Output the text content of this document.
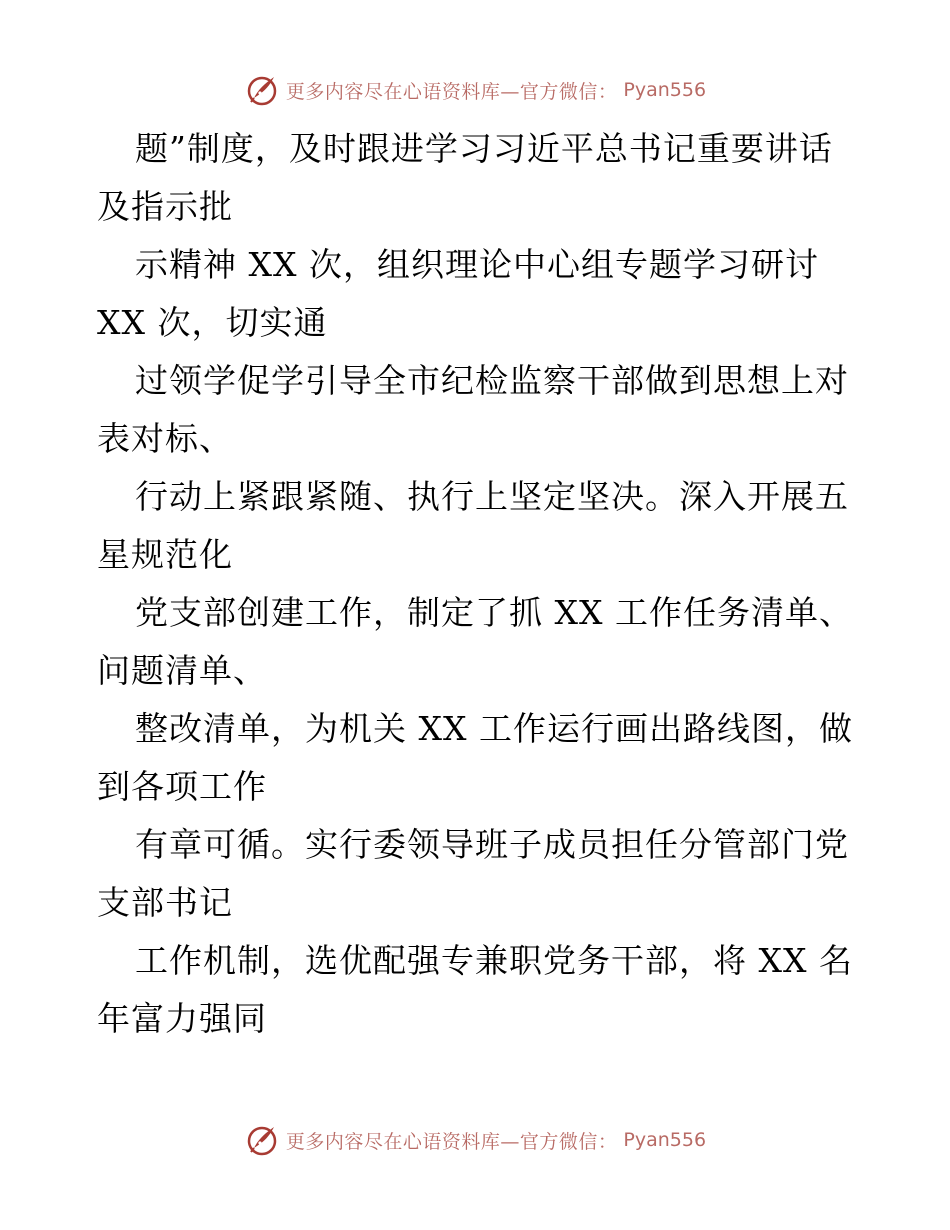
更多内容尽在心语资料库—官方微信： Pyan556
题”制度，及时跟进学习习近平总书记重要讲话
及指示批
示精神 XX 次，组织理论中心组专题学习研讨
XX 次，切实通
过领学促学引导全市纪检监察干部做到思想上对
表对标、
行动上紧跟紧随、执行上坚定坚决。深入开展五
星规范化
党支部创建工作，制定了抓 XX 工作任务清单、
问题清单、
整改清单，为机关 XX 工作运行画出路线图，做
到各项工作
有章可循。实行委领导班子成员担任分管部门党
支部书记
工作机制，选优配强专兼职党务干部，将 XX 名
年富力强同
更多内容尽在心语资料库—官方微信： Pyan556
